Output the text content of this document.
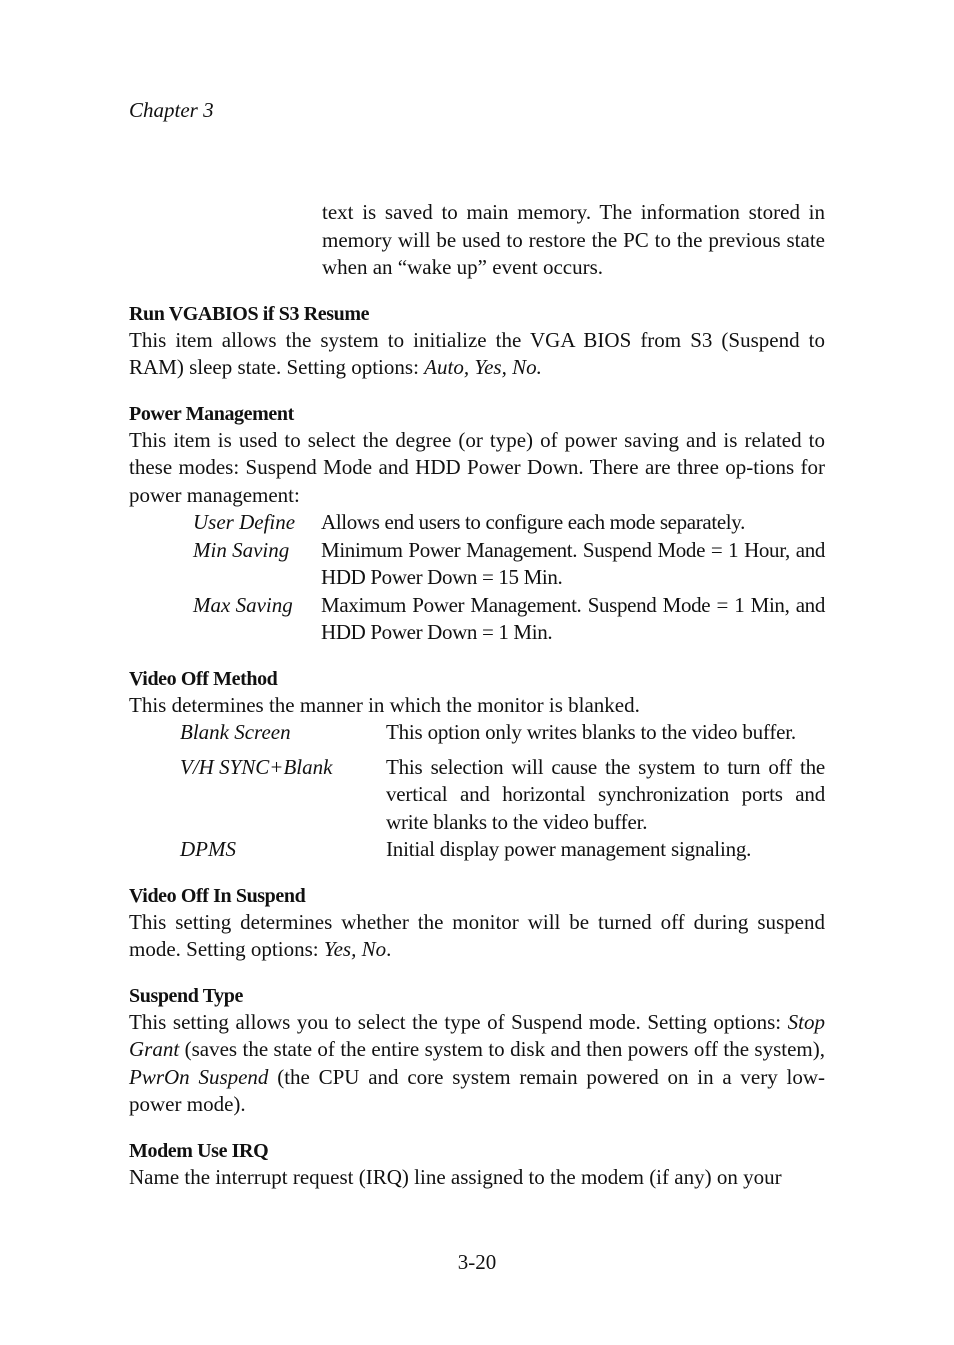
Chapter 3

text is saved to main memory. The information stored in memory will be used to restore the PC to the previous state when an “wake up” event occurs.

Run VGABIOS if S3 Resume

This item allows the system to initialize the VGA BIOS from S3 (Suspend to RAM) sleep state. Setting options: Auto, Yes, No.

Power Management

This item is used to select the degree (or type) of power saving and is related to these modes: Suspend Mode and HDD Power Down. There are three op-tions for power management:

User Define	Allows end users to configure each mode separately.
Min Saving	Minimum Power Management. Suspend Mode = 1 Hour, and HDD Power Down = 15 Min.
Max Saving	Maximum Power Management. Suspend Mode = 1 Min, and HDD Power Down = 1 Min.
Video Off Method

This determines the manner in which the monitor is blanked.

Blank Screen	This option only writes blanks to the video buffer.
V/H SYNC+Blank	This selection will cause the system to turn off the vertical and horizontal synchronization ports and write blanks to the video buffer.
DPMS	Initial display power management signaling.
Video Off In Suspend

This setting determines whether the monitor will be turned off during suspend mode. Setting options: Yes, No.

Suspend Type

This setting allows you to select the type of Suspend mode. Setting options: Stop Grant (saves the state of the entire system to disk and then powers off the system), PwrOn Suspend (the CPU and core system remain powered on in a very low-power mode).

Modem Use IRQ

Name the interrupt request (IRQ) line assigned to the modem (if any) on your

3-20
